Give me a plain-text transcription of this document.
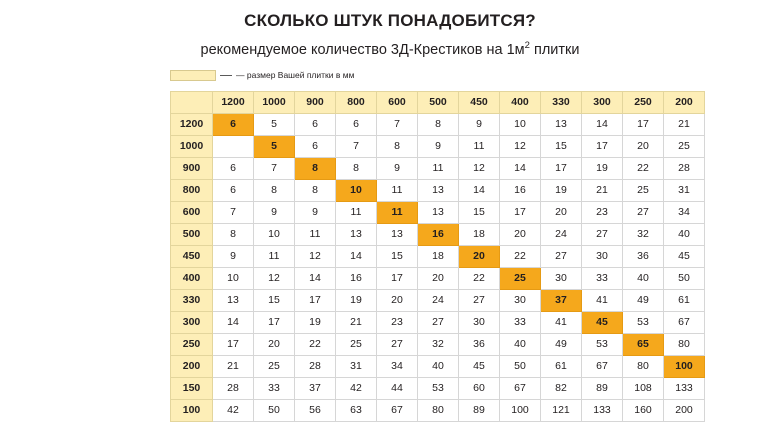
СКОЛЬКО ШТУК ПОНАДОБИТСЯ?

рекомендуемое количество 3Д-Крестиков на $1м^2$ плитки

— размер Вашей плитки в мм
	1200	1000	900	800	600	500	450	400	330	300	250	200
1200	6	5	6	6	7	8	9	10	13	14	17	21
1000		5	6	7	8	9	11	12	15	17	20	25
900	6	7	8	8	9	11	12	14	17	19	22	28
800	6	8	8	10	11	13	14	16	19	21	25	31
600	7	9	9	11	11	13	15	17	20	23	27	34
500	8	10	11	13	13	16	18	20	24	27	32	40
450	9	11	12	14	15	18	20	22	27	30	36	45
400	10	12	14	16	17	20	22	25	30	33	40	50
330	13	15	17	19	20	24	27	30	37	41	49	61
300	14	17	19	21	23	27	30	33	41	45	53	67
250	17	20	22	25	27	32	36	40	49	53	65	80
200	21	25	28	31	34	40	45	50	61	67	80	100
150	28	33	37	42	44	53	60	67	82	89	108	133
100	42	50	56	63	67	80	89	100	121	133	160	200
